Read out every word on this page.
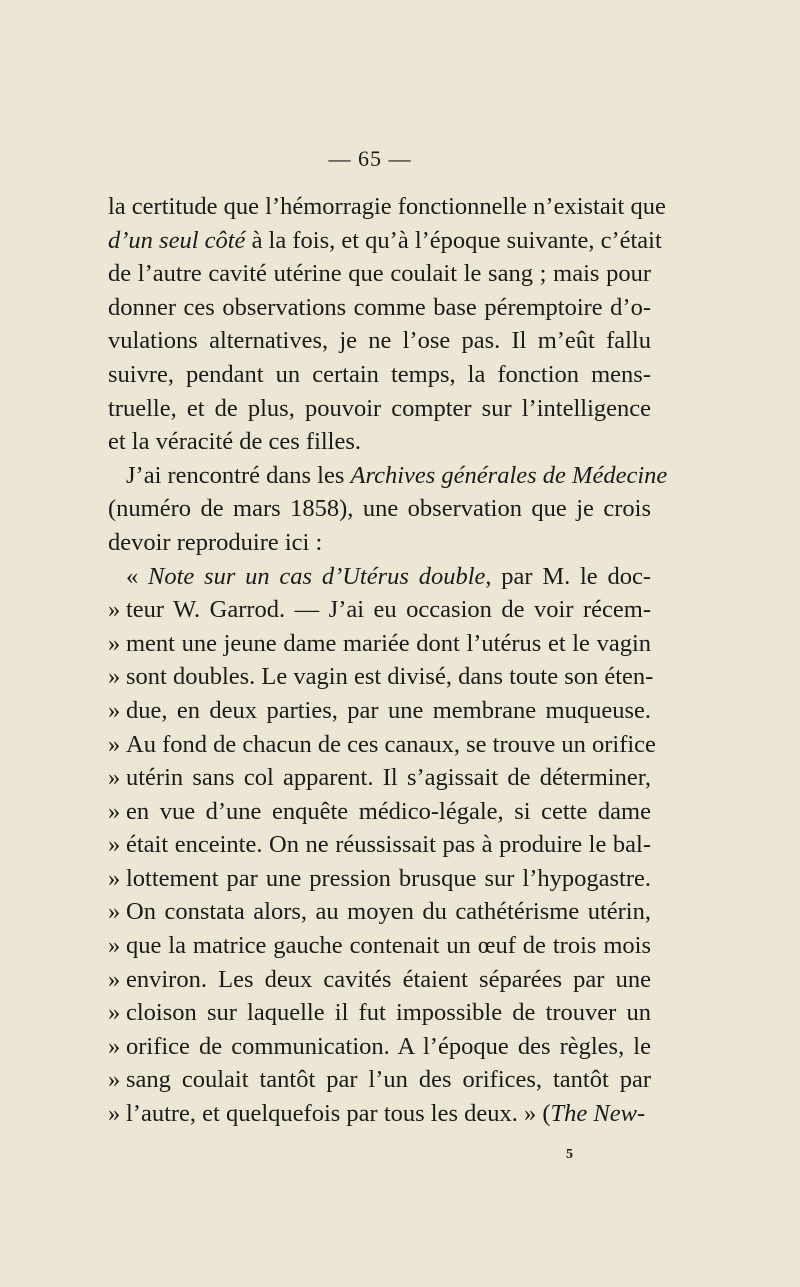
— 65 —
la certitude que l’hémorragie fonctionnelle n’existait que
d’un seul côté à la fois, et qu’à l’époque suivante, c’était
de l’autre cavité utérine que coulait le sang ; mais pour
donner ces observations comme base péremptoire d’o-
vulations alternatives, je ne l’ose pas. Il m’eût fallu
suivre, pendant un certain temps, la fonction mens-
truelle, et de plus, pouvoir compter sur l’intelligence
et la véracité de ces filles.
J’ai rencontré dans les Archives générales de Médecine
(numéro de mars 1858), une observation que je crois
devoir reproduire ici :
« Note sur un cas d’Utérus double, par M. le doc-
» teur W. Garrod. — J’ai eu occasion de voir récem-
» ment une jeune dame mariée dont l’utérus et le vagin
» sont doubles. Le vagin est divisé, dans toute son éten-
» due, en deux parties, par une membrane muqueuse.
» Au fond de chacun de ces canaux, se trouve un orifice
» utérin sans col apparent. Il s’agissait de déterminer,
» en vue d’une enquête médico-légale, si cette dame
» était enceinte. On ne réussissait pas à produire le bal-
» lottement par une pression brusque sur l’hypogastre.
» On constata alors, au moyen du cathétérisme utérin,
» que la matrice gauche contenait un œuf de trois mois
» environ. Les deux cavités étaient séparées par une
» cloison sur laquelle il fut impossible de trouver un
» orifice de communication. A l’époque des règles, le
» sang coulait tantôt par l’un des orifices, tantôt par
» l’autre, et quelquefois par tous les deux. » (The New-
5
